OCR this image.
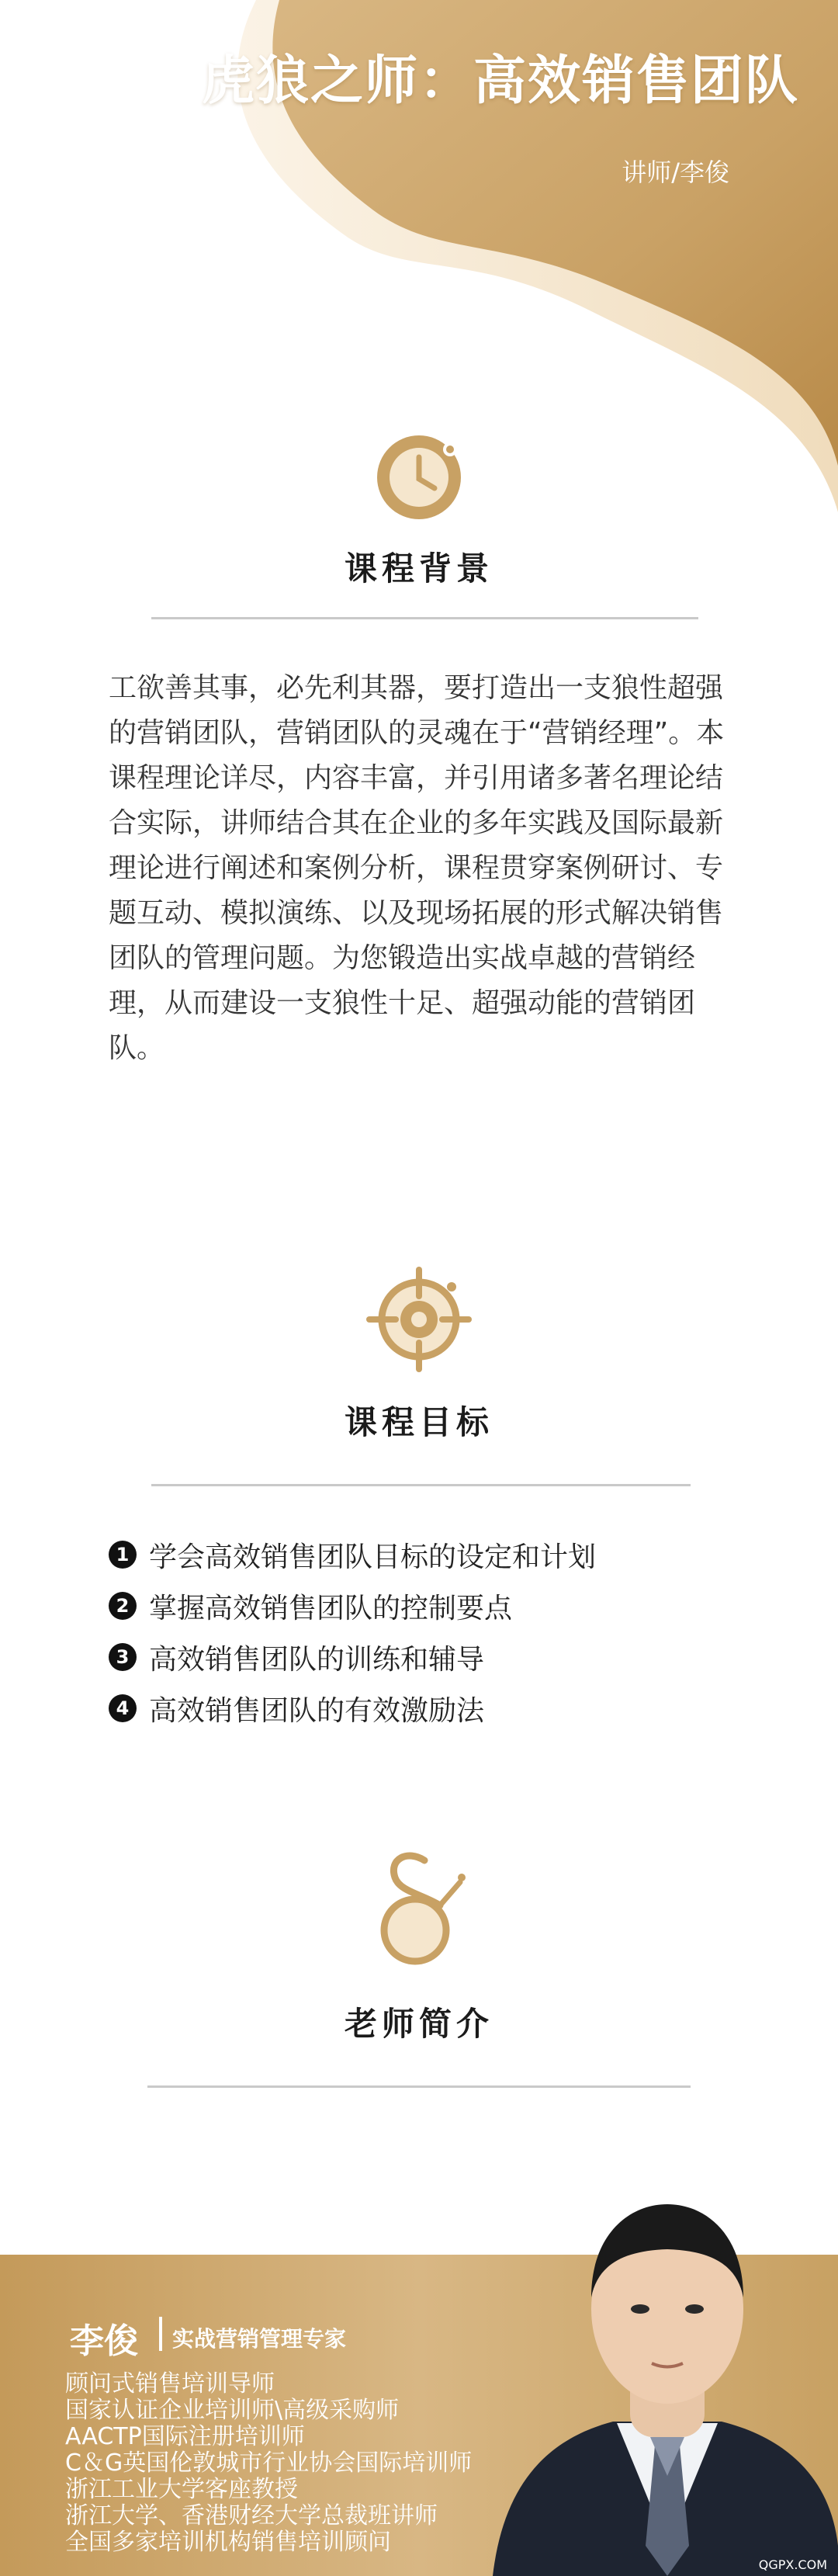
虎狼之师：高效销售团队
讲师/李俊
课程背景
工欲善其事，必先利其器，要打造出一支狼性超强的营销团队，营销团队的灵魂在于“营销经理”。本课程理论详尽，内容丰富，并引用诸多著名理论结合实际，讲师结合其在企业的多年实践及国际最新理论进行阐述和案例分析，课程贯穿案例研讨、专题互动、模拟演练、以及现场拓展的形式解决销售团队的管理问题。为您锻造出实战卓越的营销经理，从而建设一支狼性十足、超强动能的营销团队。
课程目标
1 学会高效销售团队目标的设定和计划
2 掌握高效销售团队的控制要点
3 高效销售团队的训练和辅导
4 高效销售团队的有效激励法
老师简介
李俊 实战营销管理专家
顾问式销售培训导师
国家认证企业培训师\高级采购师
AACTP国际注册培训师
C＆G英国伦敦城市行业协会国际培训师
浙江工业大学客座教授
浙江大学、香港财经大学总裁班讲师
全国多家培训机构销售培训顾问
QGPX.COM
